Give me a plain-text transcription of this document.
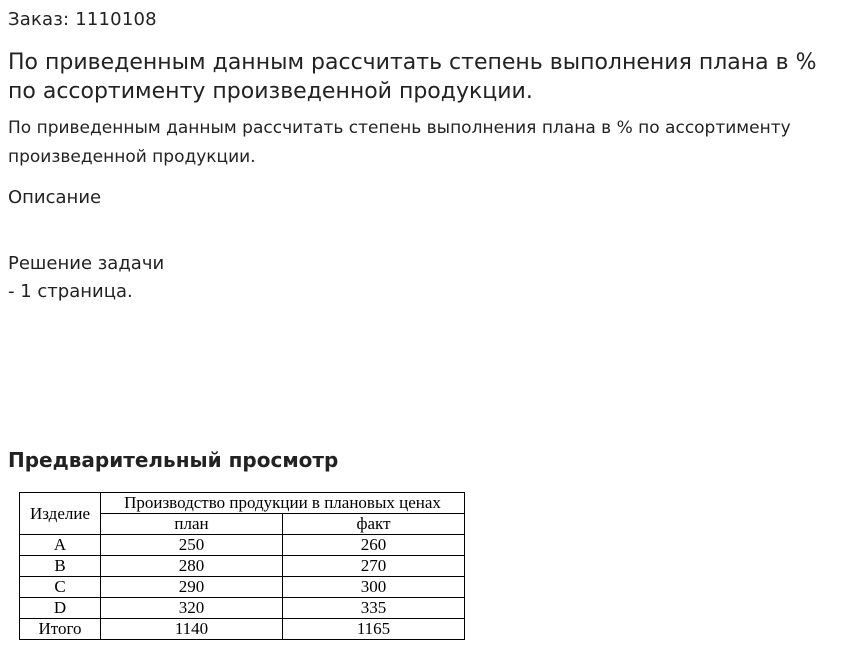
Заказ: 1110108
По приведенным данным рассчитать степень выполнения плана в % по ассортименту произведенной продукции.

По приведенным данным рассчитать степень выполнения плана в % по ассортименту произведенной продукции.

Описание
Решение задачи
- 1 страница.
Предварительный просмотр
Изделие	Производство продукции в плановых ценах	
	план	факт
A	250	260
B	280	270
C	290	300
D	320	335
Итого	1140	1165
